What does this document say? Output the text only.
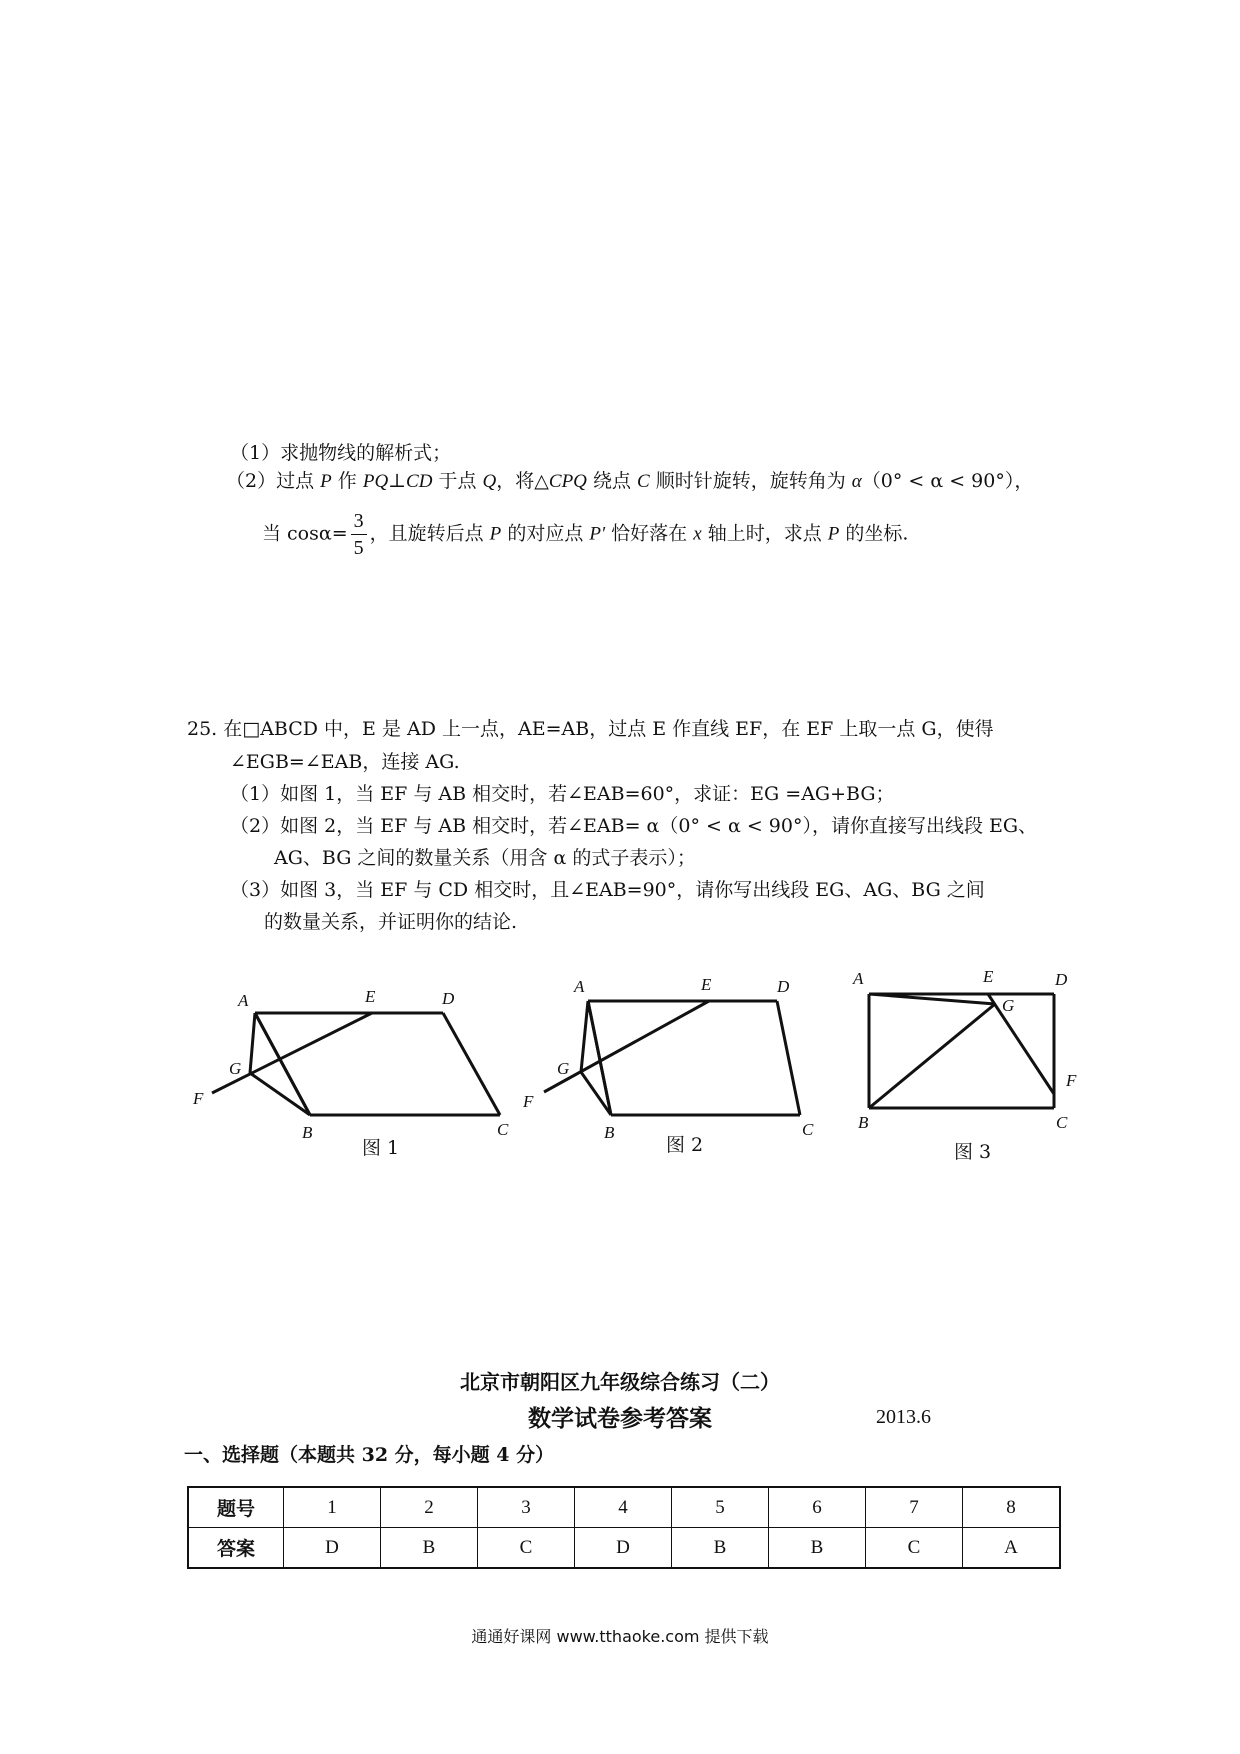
（1）求抛物线的解析式；
（2）过点 P 作 PQ⊥CD 于点 Q，将△CPQ 绕点 C 顺时针旋转，旋转角为 α（0° < α < 90°），
当 $\cos\alpha= \frac{3}{5}$ ，且旋转后点 P 的对应点 P′ 恰好落在 x 轴上时，求点 P 的坐标.
25. 在□ABCD 中，E 是 AD 上一点，AE=AB，过点 E 作直线 EF，在 EF 上取一点 G，使得
∠EGB=∠EAB，连接 AG.
（1）如图 1，当 EF 与 AB 相交时，若∠EAB=60°，求证：EG =AG+BG；
（2）如图 2，当 EF 与 AB 相交时，若∠EAB= α（0° < α < 90°），请你直接写出线段 EG、
AG、BG 之间的数量关系（用含 α 的式子表示）；
（3）如图 3，当 EF 与 CD 相交时，且∠EAB=90°，请你写出线段 EG、AG、BG 之间
的数量关系，并证明你的结论.
A	E	D
G
F
B	C
A	E	D
G
F
B	C
A	E	D
G
F
B	C
图 1	图 2	图 3
北京市朝阳区九年级综合练习（二）
数学试卷参考答案	2013.6
一、选择题（本题共 32 分，每小题 4 分）
题号	1	2	3	4	5	6	7	8
答案	D	B	C	D	B	B	C	A
通通好课网 www.tthaoke.com 提供下载
